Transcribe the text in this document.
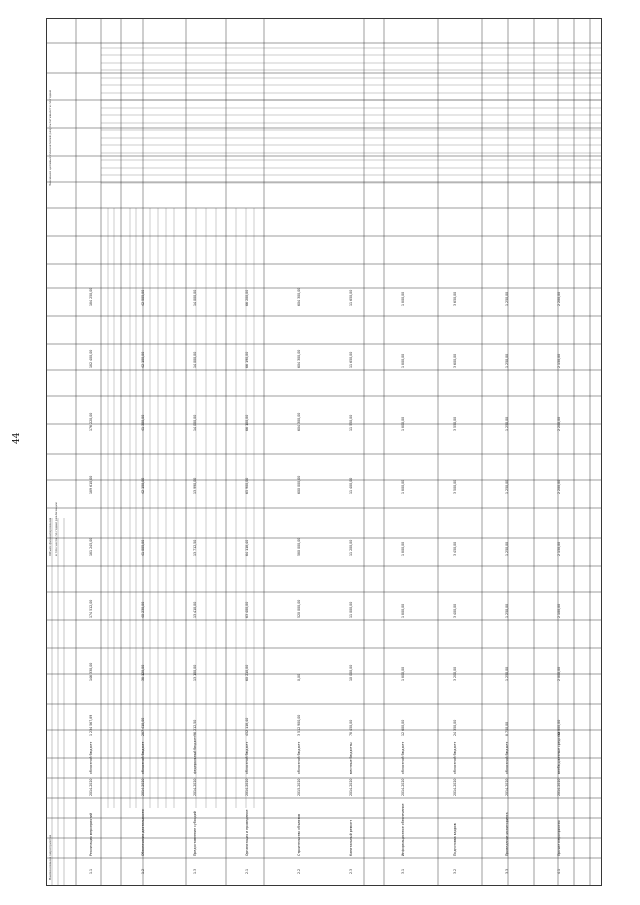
44
Наименование мероприятия
Объем финансирования в том числе по годам реализации
Значения целевых показателей результативности по годам
1.1
Реализация мероприятий
2014-2020
областной бюджет
1 234 567,89
146 330,00
174 512,00
181 245,00
189 610,00
176 220,00
182 400,00
184 250,00
1.2
Обеспечение деятельности
2014-2020
областной бюджет
287 410,00
38 120,00
40 230,00
41 005,00
42 150,00
41 300,00
42 100,00
42 505,00
1.3
Предоставление субсидий
2014-2020
федеральный бюджет
96 212,50
13 100,00
13 410,00
13 712,50
13 990,00
14 000,00
14 000,00
14 000,00
2.1
Организация и проведение
2014-2020
областной бюджет
452 118,40
60 210,00
63 400,00
64 118,40
65 900,00
66 100,00
66 190,00
66 200,00
2.2
Строительство объектов
2015-2020
областной бюджет
3 512 900,00
0,00
520 000,00
580 000,00
600 000,00
604 300,00
604 300,00
604 300,00
2.3
Капитальный ремонт
2014-2020
местные бюджеты
78 450,00
10 000,00
11 000,00
11 200,00
11 400,00
11 550,00
11 650,00
11 650,00
3.1
Информационное обеспечение
2014-2020
областной бюджет
12 600,00
1 800,00
1 800,00
1 800,00
1 800,00
1 800,00
1 800,00
1 800,00
3.2
Подготовка кадров
2014-2020
областной бюджет
24 350,00
3 200,00
3 400,00
3 450,00
3 500,00
3 550,00
3 600,00
3 650,00
3.3
Проведение мониторинга
2014-2020
областной бюджет
8 750,00
1 250,00
1 250,00
1 250,00
1 250,00
1 250,00
1 250,00
1 250,00
4.1
Прочие мероприятия
2014-2020
внебюджетные средства
15 000,00
2 000,00
2 100,00
2 150,00
2 200,00
2 200,00
2 150,00
2 200,00
